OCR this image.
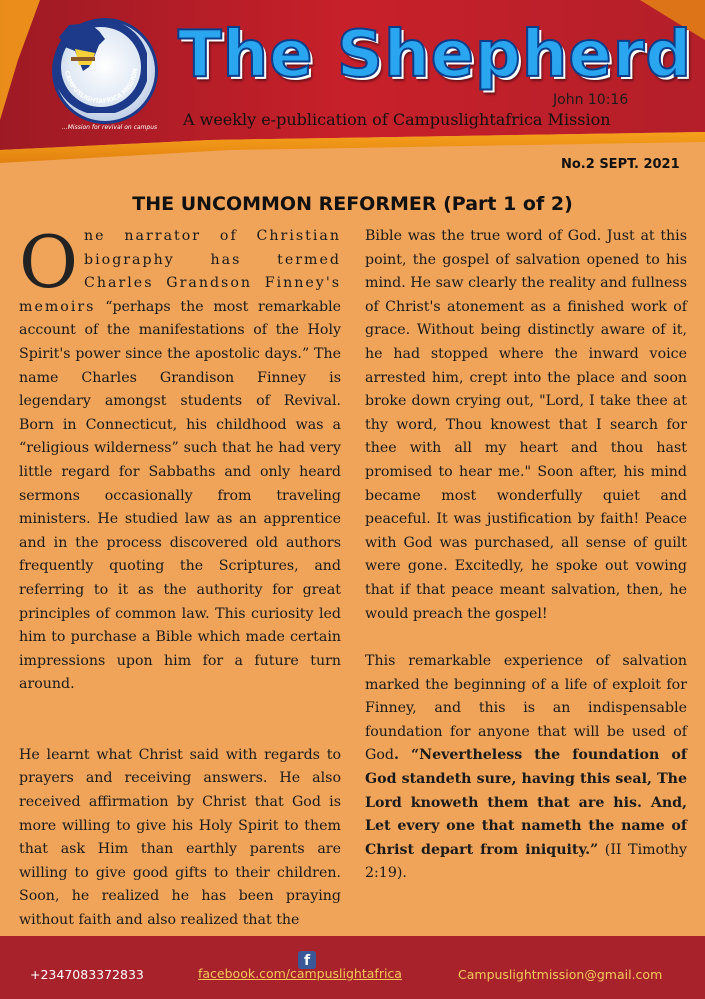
CAMPUSLIGHTAFRICA MISSION
...Mission for revival on campus
The Shepherd
John 10:16
A weekly e-publication of Campuslightafrica Mission
No.2 SEPT. 2021
THE UNCOMMON REFORMER (Part 1 of 2)

One narrator of Christian biography has termed Charles Grandson Finney's memoirs “perhaps the most remarkable account of the manifestations of the Holy Spirit's power since the apostolic days.” The name Charles Grandison Finney is legendary amongst students of Revival. Born in Connecticut, his childhood was a “religious wilderness” such that he had very little regard for Sabbaths and only heard sermons occasionally from traveling ministers. He studied law as an apprentice and in the process discovered old authors frequently quoting the Scriptures, and referring to it as the authority for great principles of common law. This curiosity led him to purchase a Bible which made certain impressions upon him for a future turn around.

He learnt what Christ said with regards to prayers and receiving answers. He also received affirmation by Christ that God is more willing to give his Holy Spirit to them that ask Him than earthly parents are willing to give good gifts to their children. Soon, he realized he has been praying without faith and also realized that the

Bible was the true word of God. Just at this point, the gospel of salvation opened to his mind. He saw clearly the reality and fullness of Christ's atonement as a finished work of grace. Without being distinctly aware of it, he had stopped where the inward voice arrested him, crept into the place and soon broke down crying out, "Lord, I take thee at thy word, Thou knowest that I search for thee with all my heart and thou hast promised to hear me." Soon after, his mind became most wonderfully quiet and peaceful. It was justification by faith! Peace with God was purchased, all sense of guilt were gone. Excitedly, he spoke out vowing that if that peace meant salvation, then, he would preach the gospel!

This remarkable experience of salvation marked the beginning of a life of exploit for Finney, and this is an indispensable foundation for anyone that will be used of God. “Nevertheless the foundation of God standeth sure, having this seal, The Lord knoweth them that are his. And, Let every one that nameth the name of Christ depart from iniquity.” (II Timothy 2:19).

f
+2347083372833	facebook.com/campuslightafrica	Campuslightmission@gmail.com
